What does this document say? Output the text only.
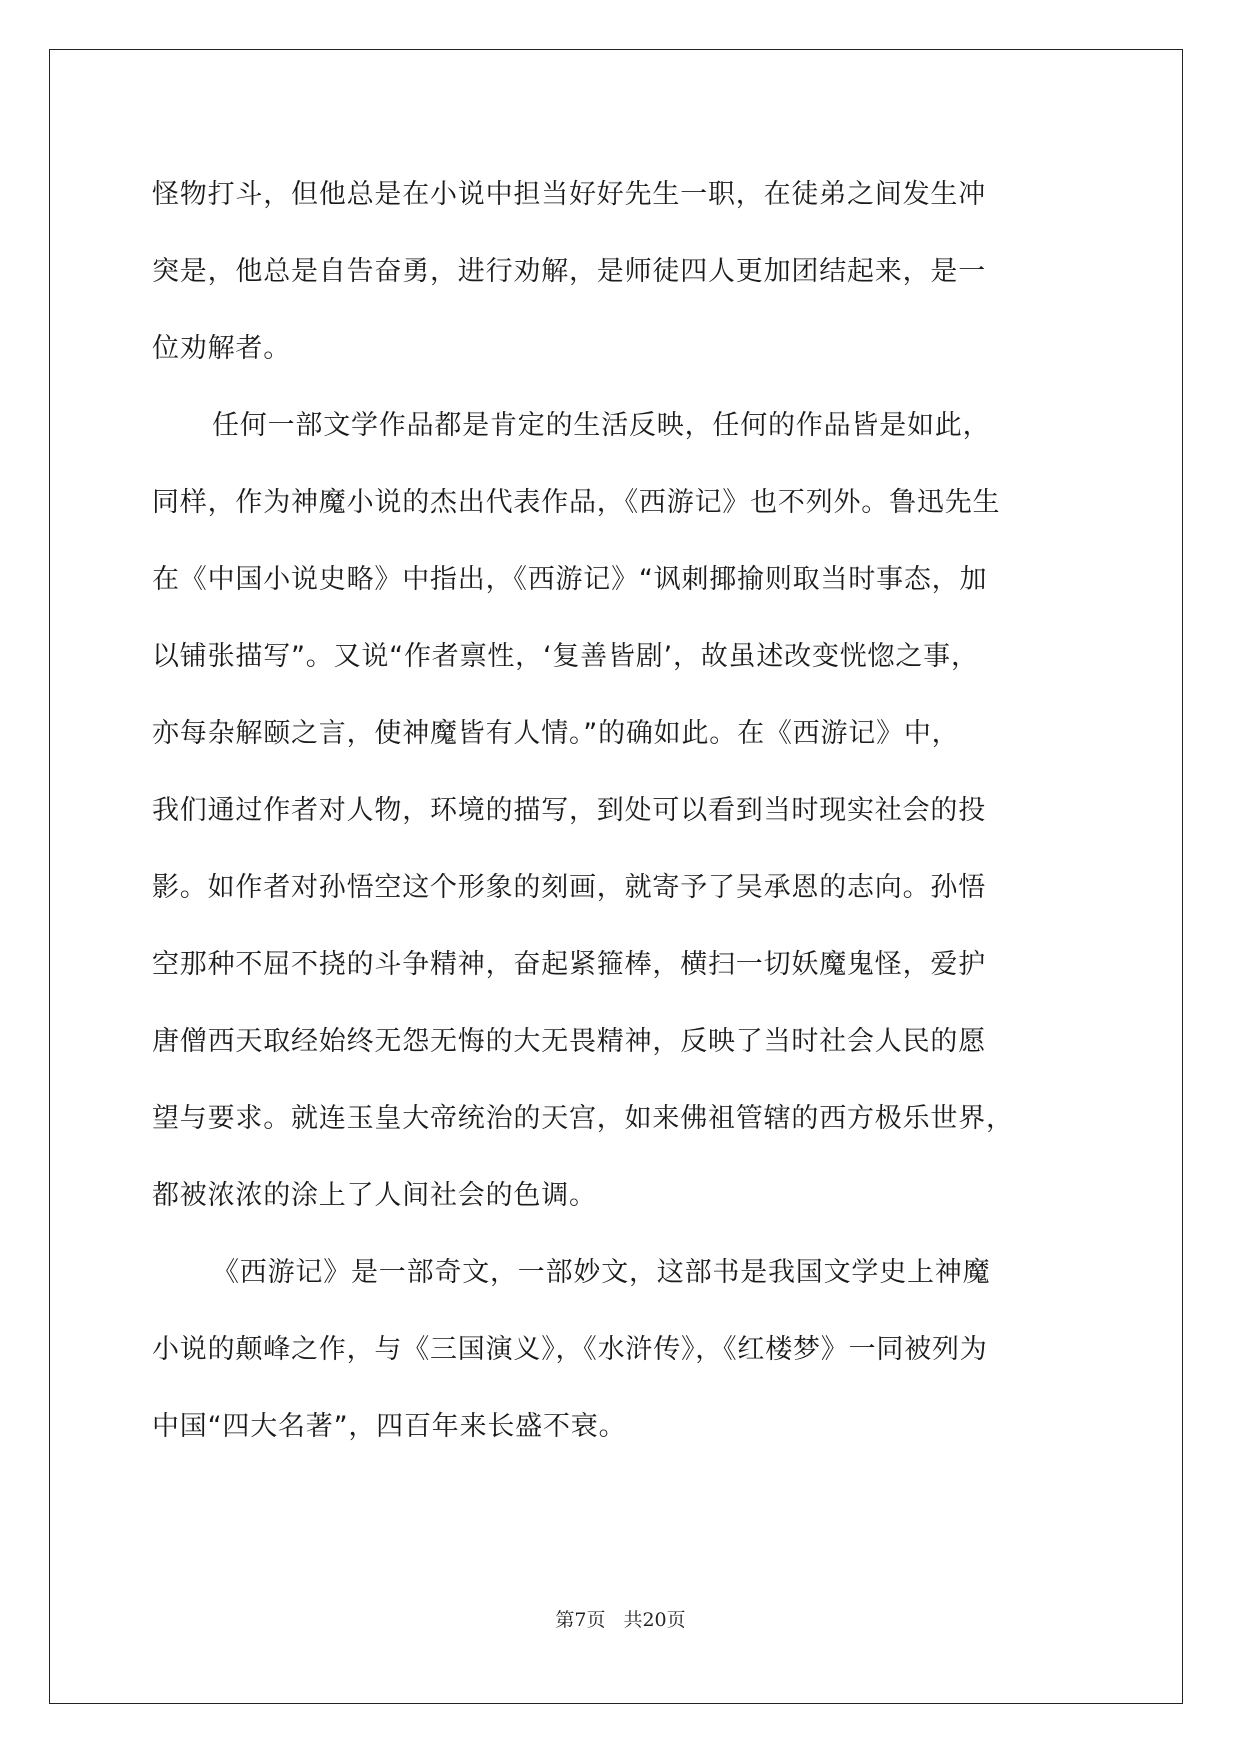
怪物打斗，但他总是在小说中担当好好先生一职，在徒弟之间发生冲
突是，他总是自告奋勇，进行劝解，是师徒四人更加团结起来，是一
位劝解者。
任何一部文学作品都是肯定的生活反映，任何的作品皆是如此，
同样，作为神魔小说的杰出代表作品，《西游记》也不列外。鲁迅先生
在《中国小说史略》中指出，《西游记》“讽刺揶揄则取当时事态，加
以铺张描写”。又说“作者禀性，‘复善皆剧’，故虽述改变恍惚之事，
亦每杂解颐之言，使神魔皆有人情。”的确如此。在《西游记》中，
我们通过作者对人物，环境的描写，到处可以看到当时现实社会的投
影。如作者对孙悟空这个形象的刻画，就寄予了吴承恩的志向。孙悟
空那种不屈不挠的斗争精神，奋起紧箍棒，横扫一切妖魔鬼怪，爱护
唐僧西天取经始终无怨无悔的大无畏精神，反映了当时社会人民的愿
望与要求。就连玉皇大帝统治的天宫，如来佛祖管辖的西方极乐世界，
都被浓浓的涂上了人间社会的色调。
《西游记》是一部奇文，一部妙文，这部书是我国文学史上神魔
小说的颠峰之作，与《三国演义》，《水浒传》，《红楼梦》一同被列为
中国“四大名著”，四百年来长盛不衰。
第7页 共20页
